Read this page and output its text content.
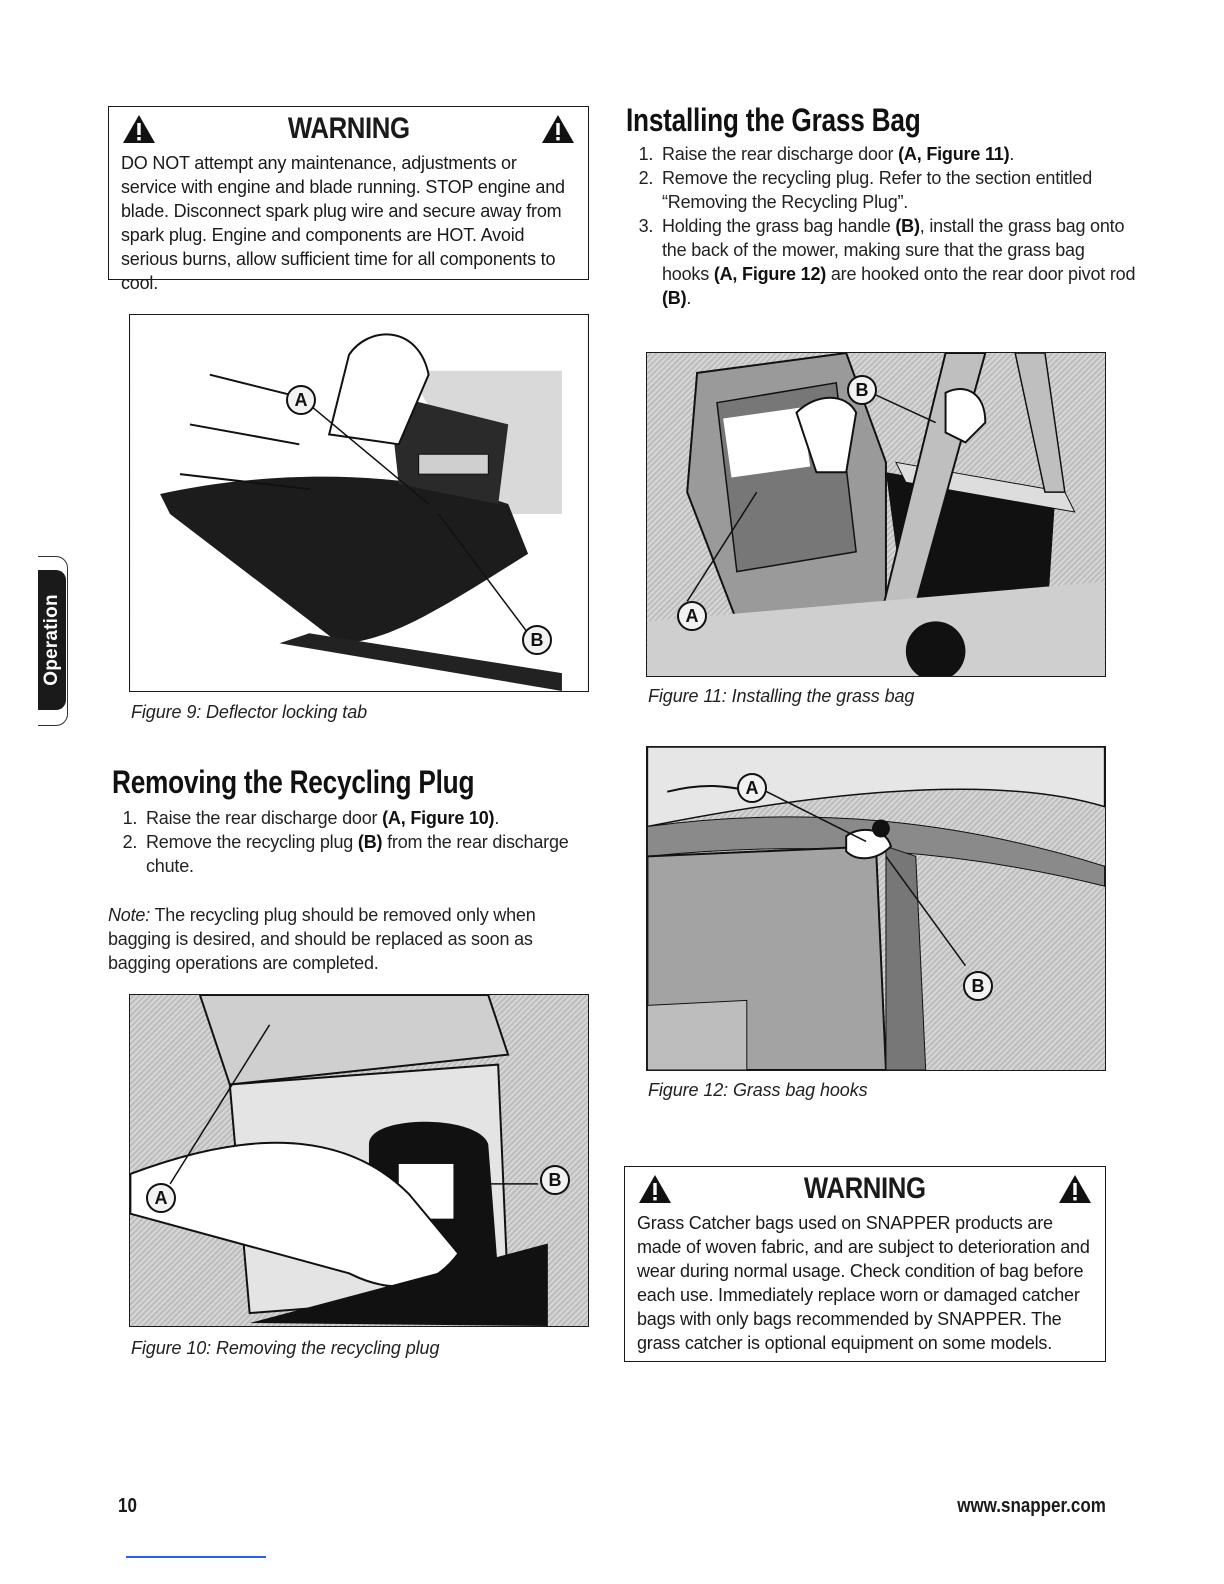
WARNING
DO NOT attempt any maintenance, adjustments or service with engine and blade running. STOP engine and blade. Disconnect spark plug wire and secure away from spark plug. Engine and components are HOT. Avoid serious burns, allow sufficient time for all components to cool.
A
B
Figure 9: Deflector locking tab
Operation
Removing the Recycling Plug
1. Raise the rear discharge door (A, Figure 10).
2. Remove the recycling plug (B) from the rear discharge chute.
Note: The recycling plug should be removed only when bagging is desired, and should be replaced as soon as bagging operations are completed.
A
B
Figure 10: Removing the recycling plug
Installing the Grass Bag
1. Raise the rear discharge door (A, Figure 11).
2. Remove the recycling plug. Refer to the section entitled “Removing the Recycling Plug”.
3. Holding the grass bag handle (B), install the grass bag onto the back of the mower, making sure that the grass bag hooks (A, Figure 12) are hooked onto the rear door pivot rod (B).
A
B
Figure 11: Installing the grass bag
A
B
Figure 12: Grass bag hooks
WARNING
Grass Catcher bags used on SNAPPER products are made of woven fabric, and are subject to deterioration and wear during normal usage. Check condition of bag before each use. Immediately replace worn or damaged catcher bags with only bags recommended by SNAPPER. The grass catcher is optional equipment on some models.
10	www.snapper.com
